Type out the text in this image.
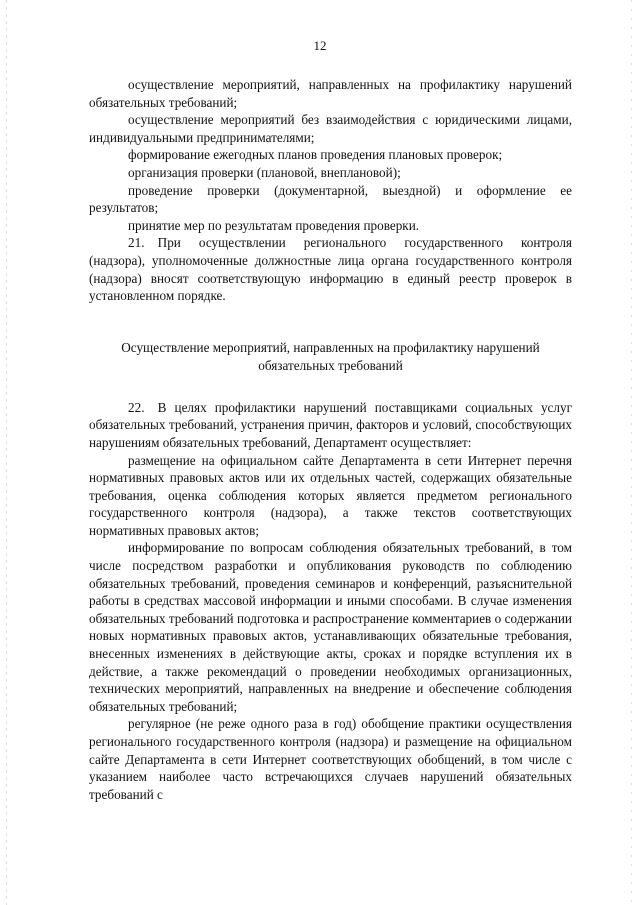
12

осуществление мероприятий, направленных на профилактику нарушений обязательных требований;

осуществление мероприятий без взаимодействия с юридическими лицами, индивидуальными предпринимателями;

формирование ежегодных планов проведения плановых проверок;

организация проверки (плановой, внеплановой);

проведение проверки (документарной, выездной) и оформление ее результатов;

принятие мер по результатам проведения проверки.

21. При осуществлении регионального государственного контроля (надзора), уполномоченные должностные лица органа государственного контроля (надзора) вносят соответствующую информацию в единый реестр проверок в установленном порядке.

Осуществление мероприятий, направленных на профилактику нарушений обязательных требований

22. В целях профилактики нарушений поставщиками социальных услуг обязательных требований, устранения причин, факторов и условий, способствующих нарушениям обязательных требований, Департамент осуществляет:

размещение на официальном сайте Департамента в сети Интернет перечня нормативных правовых актов или их отдельных частей, содержащих обязательные требования, оценка соблюдения которых является предметом регионального государственного контроля (надзора), а также текстов соответствующих нормативных правовых актов;

информирование по вопросам соблюдения обязательных требований, в том числе посредством разработки и опубликования руководств по соблюдению обязательных требований, проведения семинаров и конференций, разъяснительной работы в средствах массовой информации и иными способами. В случае изменения обязательных требований подготовка и распространение комментариев о содержании новых нормативных правовых актов, устанавливающих обязательные требования, внесенных изменениях в действующие акты, сроках и порядке вступления их в действие, а также рекомендаций о проведении необходимых организационных, технических мероприятий, направленных на внедрение и обеспечение соблюдения обязательных требований;

регулярное (не реже одного раза в год) обобщение практики осуществления регионального государственного контроля (надзора) и размещение на официальном сайте Департамента в сети Интернет соответствующих обобщений, в том числе с указанием наиболее часто встречающихся случаев нарушений обязательных требований с
